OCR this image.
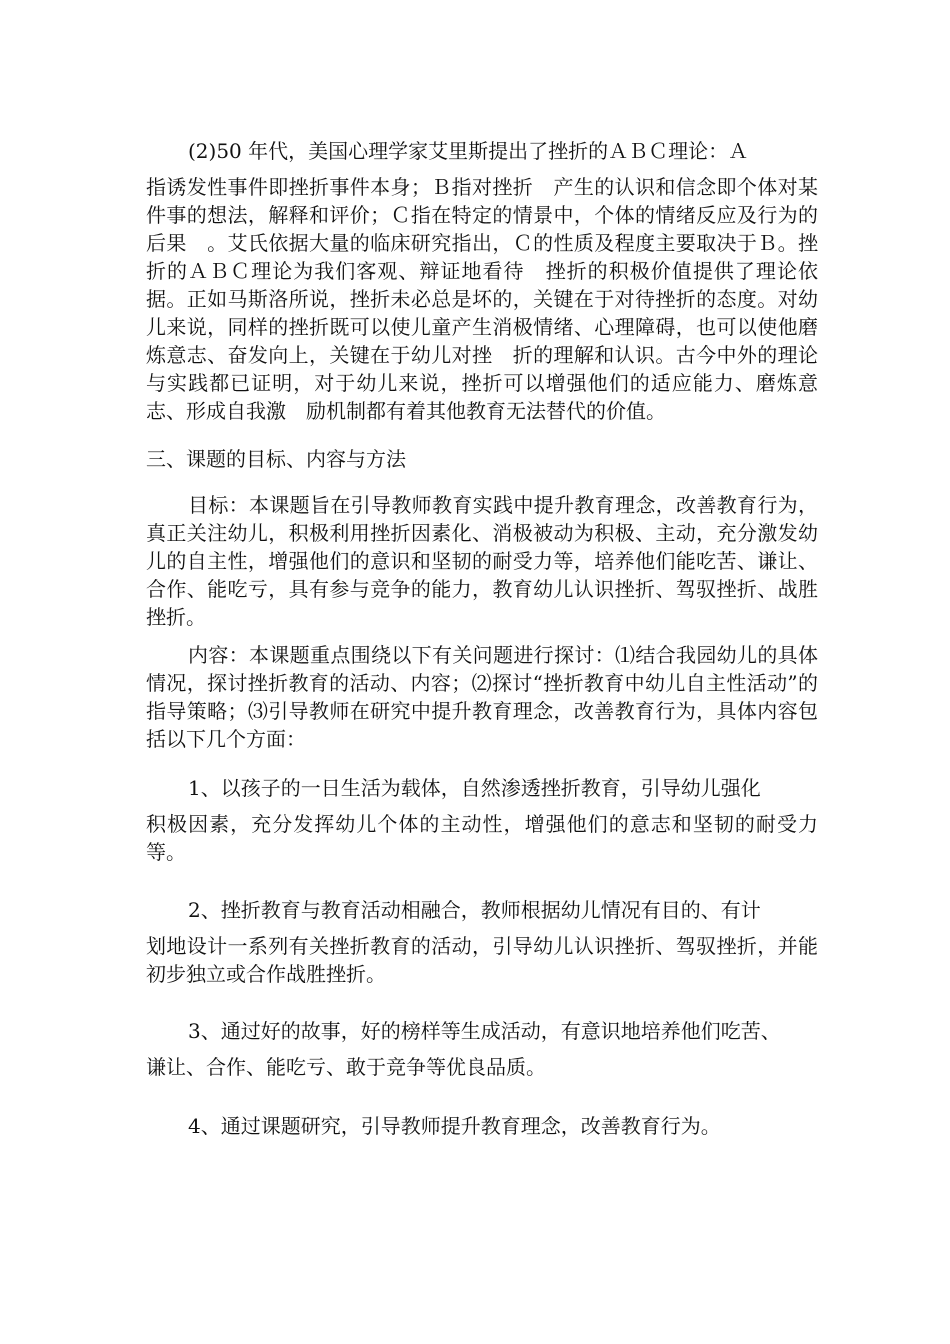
(2)50 年代，美国心理学家艾里斯提出了挫折的ＡＢＣ理论：Ａ
指诱发性事件即挫折事件本身；Ｂ指对挫折　产生的认识和信念即个体对某件事的想法，解释和评价；Ｃ指在特定的情景中，个体的情绪反应及行为的后果　。艾氏依据大量的临床研究指出，Ｃ的性质及程度主要取决于Ｂ。挫折的ＡＢＣ理论为我们客观、辩证地看待　挫折的积极价值提供了理论依据。正如马斯洛所说，挫折未必总是坏的，关键在于对待挫折的态度。对幼儿来说，同样的挫折既可以使儿童产生消极情绪、心理障碍，也可以使他磨炼意志、奋发向上，关键在于幼儿对挫　折的理解和认识。古今中外的理论与实践都已证明，对于幼儿来说，挫折可以增强他们的适应能力、磨炼意志、形成自我激　励机制都有着其他教育无法替代的价值。
三、课题的目标、内容与方法
目标：本课题旨在引导教师教育实践中提升教育理念，改善教育行为，真正关注幼儿，积极利用挫折因素化、消极被动为积极、主动，充分激发幼儿的自主性，增强他们的意识和坚韧的耐受力等，培养他们能吃苦、谦让、合作、能吃亏，具有参与竞争的能力，教育幼儿认识挫折、驾驭挫折、战胜挫折。
内容：本课题重点围绕以下有关问题进行探讨：⑴结合我园幼儿的具体情况，探讨挫折教育的活动、内容；⑵探讨“挫折教育中幼儿自主性活动”的指导策略；⑶引导教师在研究中提升教育理念，改善教育行为，具体内容包括以下几个方面：
1、以孩子的一日生活为载体，自然渗透挫折教育，引导幼儿强化
积极因素，充分发挥幼儿个体的主动性，增强他们的意志和坚韧的耐受力等。
2、挫折教育与教育活动相融合，教师根据幼儿情况有目的、有计
划地设计一系列有关挫折教育的活动，引导幼儿认识挫折、驾驭挫折，并能初步独立或合作战胜挫折。
3、通过好的故事，好的榜样等生成活动，有意识地培养他们吃苦、
谦让、合作、能吃亏、敢于竞争等优良品质。
4、通过课题研究，引导教师提升教育理念，改善教育行为。
